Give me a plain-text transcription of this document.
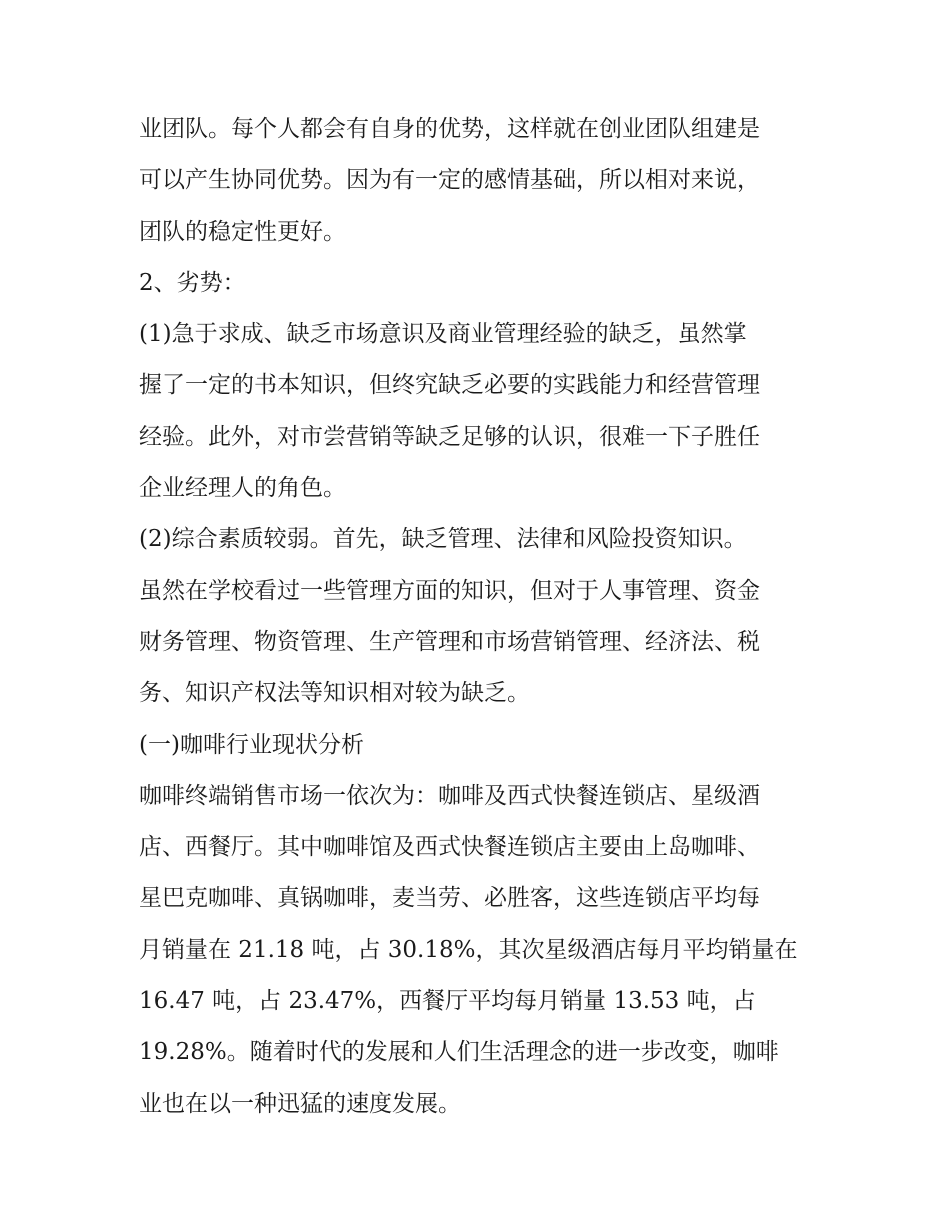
业团队。每个人都会有自身的优势，这样就在创业团队组建是
可以产生协同优势。因为有一定的感情基础，所以相对来说，
团队的稳定性更好。
2、劣势：
(1)急于求成、缺乏市场意识及商业管理经验的缺乏，虽然掌
握了一定的书本知识，但终究缺乏必要的实践能力和经营管理
经验。此外，对市尝营销等缺乏足够的认识，很难一下子胜任
企业经理人的角色。
(2)综合素质较弱。首先，缺乏管理、法律和风险投资知识。
虽然在学校看过一些管理方面的知识，但对于人事管理、资金
财务管理、物资管理、生产管理和市场营销管理、经济法、税
务、知识产权法等知识相对较为缺乏。
(一)咖啡行业现状分析
咖啡终端销售市场一依次为：咖啡及西式快餐连锁店、星级酒
店、西餐厅。其中咖啡馆及西式快餐连锁店主要由上岛咖啡、
星巴克咖啡、真锅咖啡，麦当劳、必胜客，这些连锁店平均每
月销量在 21.18 吨，占 30.18%，其次星级酒店每月平均销量在
16.47 吨，占 23.47%，西餐厅平均每月销量 13.53 吨，占
19.28%。随着时代的发展和人们生活理念的进一步改变，咖啡
业也在以一种迅猛的速度发展。
